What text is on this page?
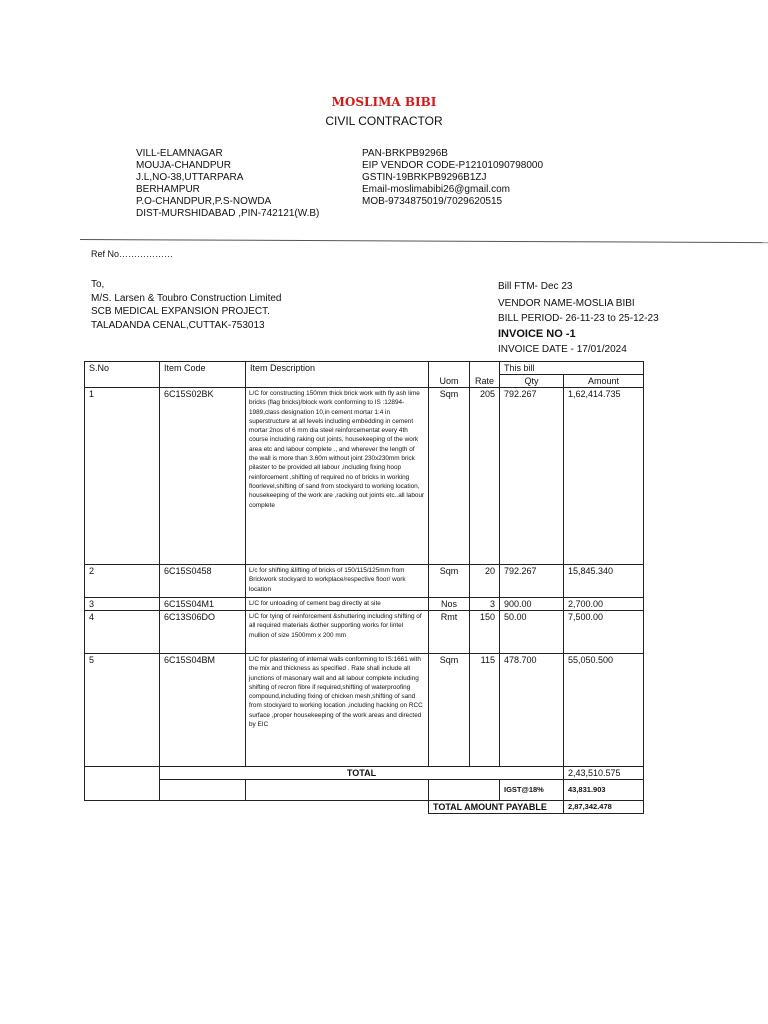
MOSLIMA BIBI
CIVIL CONTRACTOR
VILL-ELAMNAGAR
MOUJA-CHANDPUR
J.L,NO-38,UTTARPARA
BERHAMPUR
P.O-CHANDPUR,P.S-NOWDA
DIST-MURSHIDABAD ,PIN-742121(W.B)
PAN-BRKPB9296B
EIP VENDOR CODE-P12101090798000
GSTIN-19BRKPB9296B1ZJ
Email-moslimabibi26@gmail.com
MOB-9734875019/7029620515
Ref No………………
To,
M/S. Larsen & Toubro Construction Limited
SCB MEDICAL EXPANSION PROJECT.
TALADANDA CENAL,CUTTAK-753013
Bill FTM- Dec 23
VENDOR NAME-MOSLIA BIBI
BILL PERIOD- 26-11-23 to 25-12-23
INVOICE NO -1
INVOICE DATE - 17/01/2024
S.No	Item Code	Item Description			This bill	
			Uom	Rate	Qty	Amount
1	6C15S02BK	L/C for constructing 150mm thick brick work with fly ash lime bricks (flag bricks)/block work conforming to IS :12894-1989,class designation 10,in cement mortar 1:4 in superstructure at all levels including embedding in cement mortar 2nos of 6 mm dia steel reinforcementat every 4th course including raking out joints, housekeeping of the work area etc and labour complete ., and wherever the length of the wall is more than 3.60m without joint 230x230mm brick pilaster to be provided all labour ,including fixing hoop reinforcement ,shifting of required no of bricks in working floorlevel,shifting of sand from stockyard to working location, housekeeping of the work are ,racking out joints etc..all labour complete	Sqm	205	792.267	1,62,414.735
2	6C15S0458	L/c for shifting &lifting of bricks of 150/115/125mm from Brickwork stockyard to workplace/respective floor/ work location	Sqm	20	792.267	15,845.340
3	6C15S04M1	L/C for unloading of cement bag directly at site	Nos	3	900.00	2,700.00
4	6C13S06DO	L/C for tying of reinforcement &shuttering including shifting of all required materials &other supporting works for lintel mullion of size 1500mm x 200 mm	Rmt	150	50.00	7,500.00
5	6C15S04BM	L/C for plastering of internal walls conforming to IS:1661 with the mix and thickness as specified . Rate shall include all junctions of masonary wall and all labour complete including shifting of recron fibre if required,shifting of waterproofing compound,including fixing of chicken mesh,shifting of sand from stockyard to working location ,including hacking on RCC surface ,proper housekeeping of the work areas and directed by EIC	Sqm	115	478.700	55,050.500
	TOTAL					2,43,510.575
					IGST@18%	43,831.903
			TOTAL AMOUNT PAYABLE			2,87,342.478
